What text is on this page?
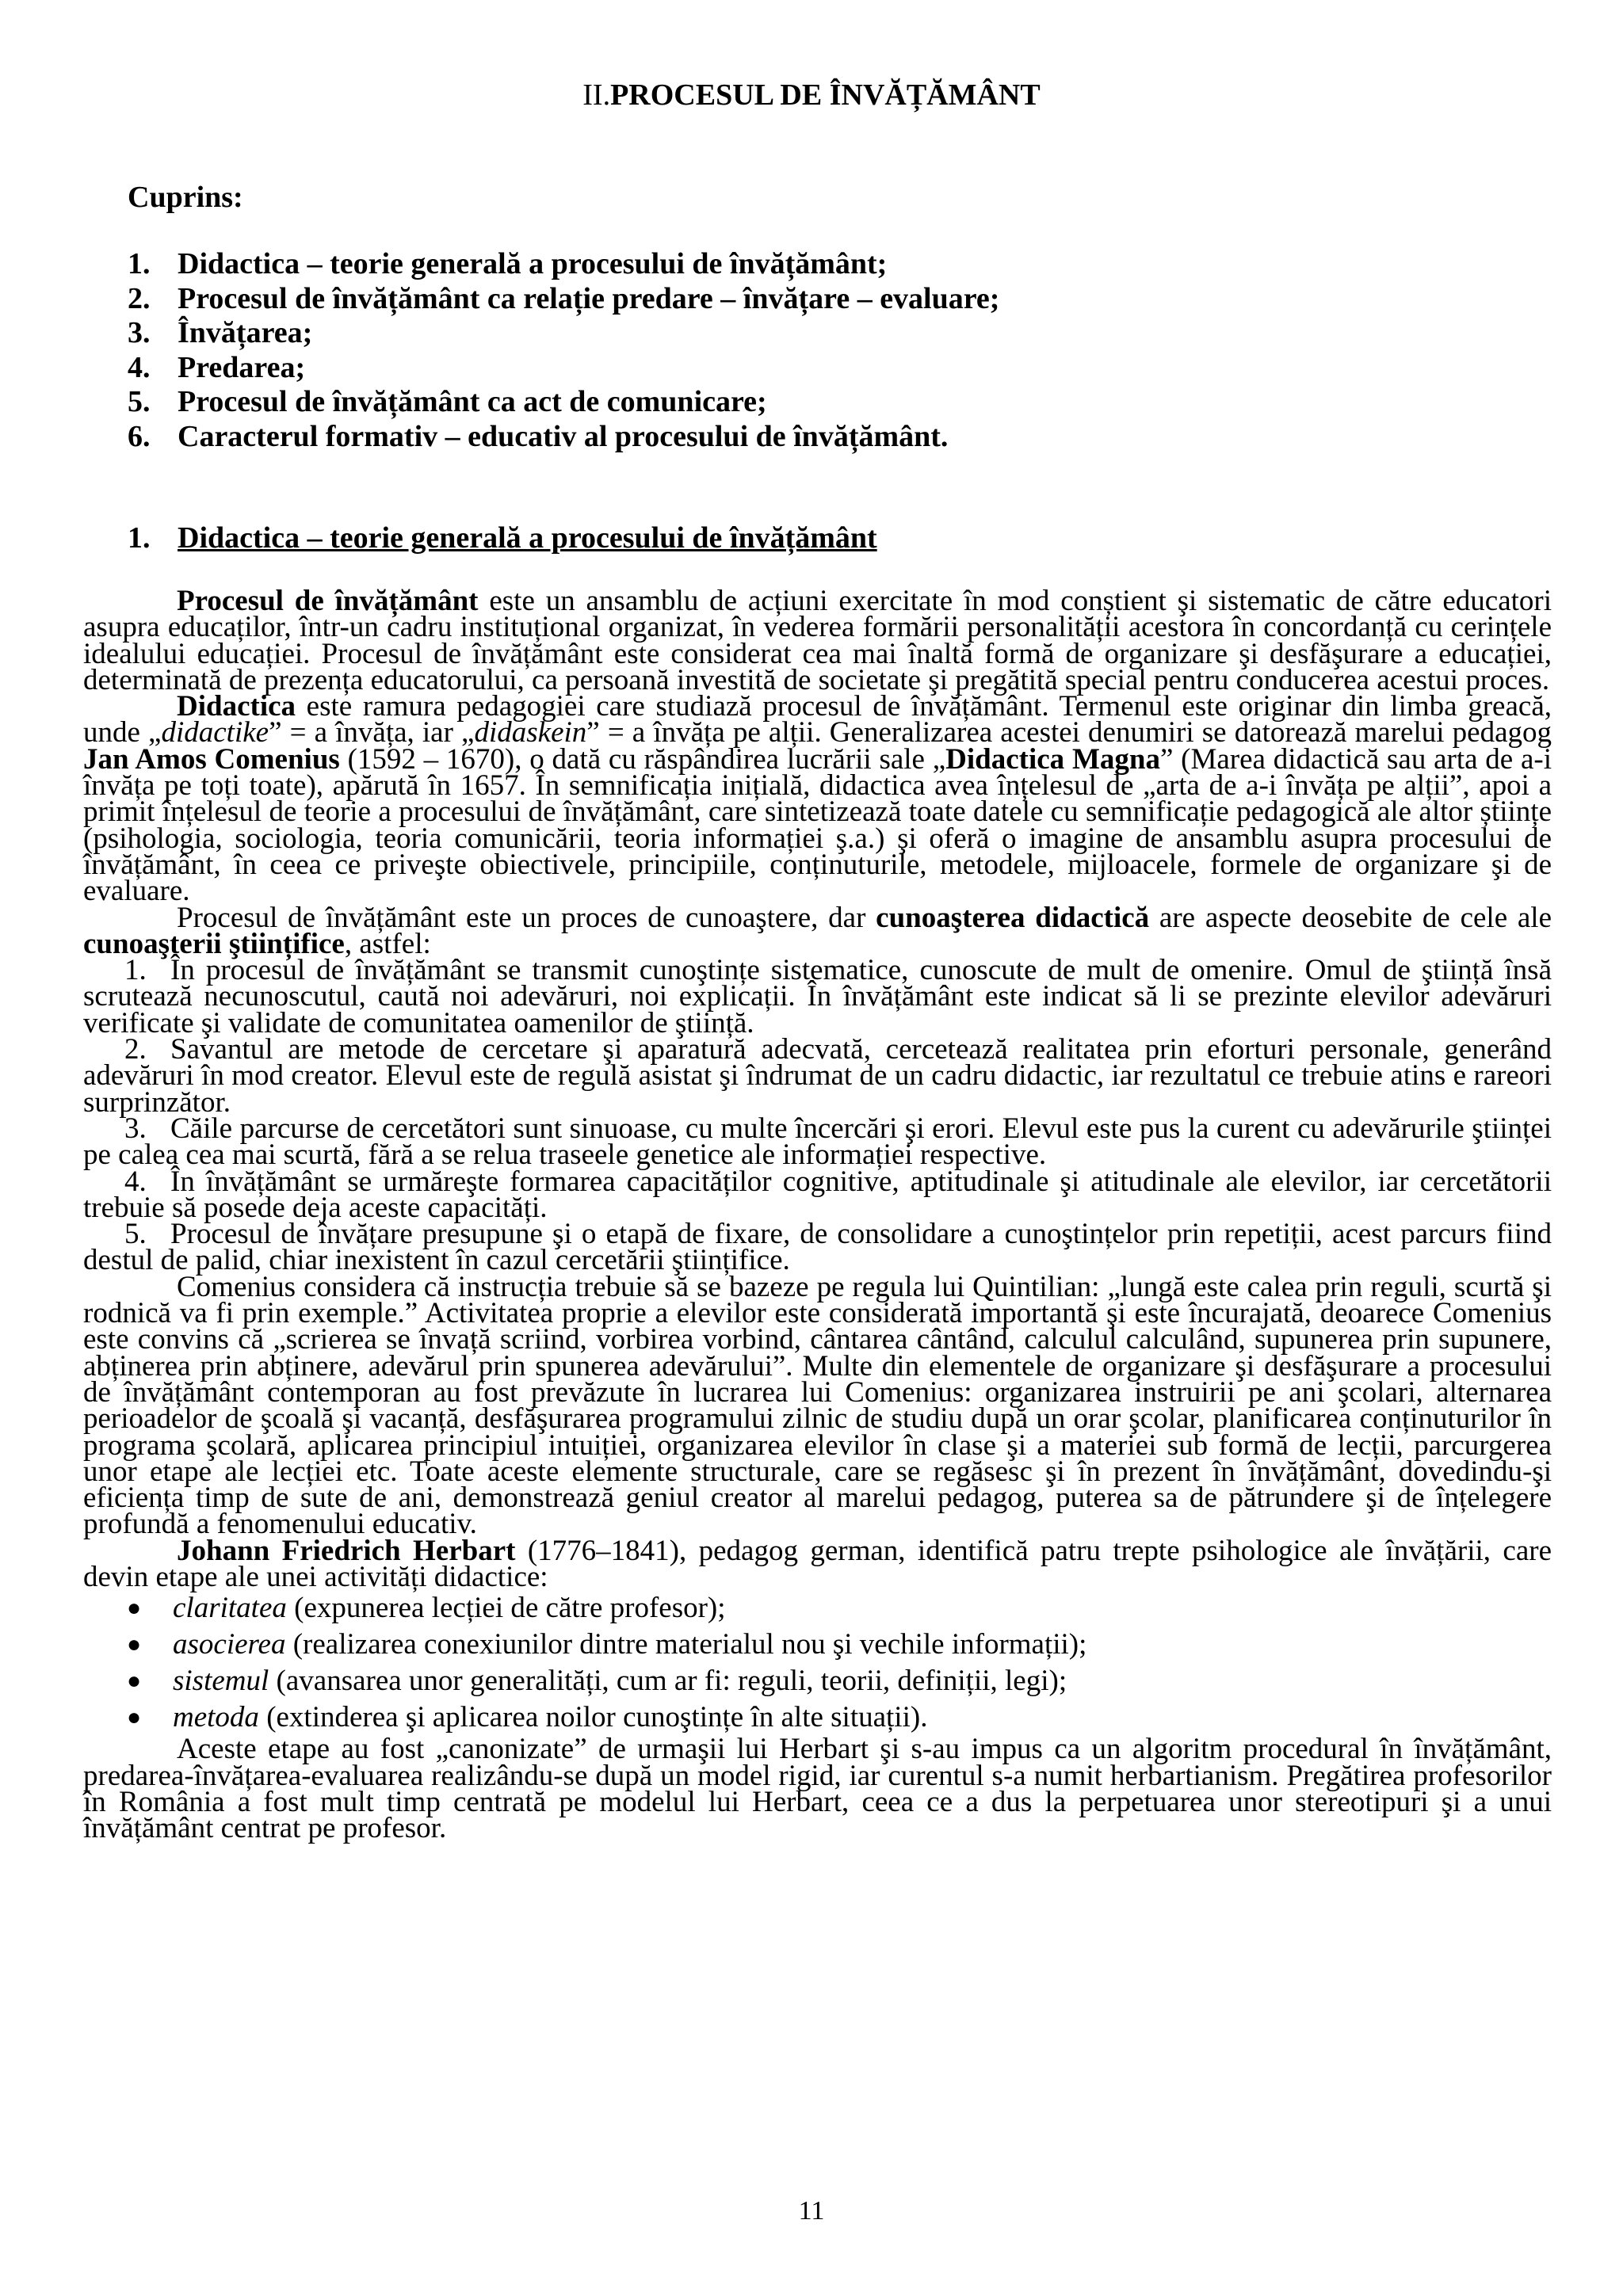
II.PROCESUL DE ÎNVĂȚĂMÂNT
Cuprins:
1. Didactica – teorie generală a procesului de învățământ;
2. Procesul de învățământ ca relație predare – învățare – evaluare;
3. Învățarea;
4. Predarea;
5. Procesul de învățământ ca act de comunicare;
6. Caracterul formativ – educativ al procesului de învățământ.
1. Didactica – teorie generală a procesului de învățământ

Procesul de învățământ este un ansamblu de acțiuni exercitate în mod conștient şi sistematic de către educatori asupra educaților, într-un cadru instituțional organizat, în vederea formării personalității acestora în concordanță cu cerințele idealului educației. Procesul de învățământ este considerat cea mai înaltă formă de organizare şi desfăşurare a educației, determinată de prezența educatorului, ca persoană investită de societate şi pregătită special pentru conducerea acestui proces.

Didactica este ramura pedagogiei care studiază procesul de învățământ. Termenul este originar din limba greacă, unde „didactike” = a învăța, iar „didaskein” = a învăța pe alții. Generalizarea acestei denumiri se datorează marelui pedagog Jan Amos Comenius (1592 – 1670), o dată cu răspândirea lucrării sale „Didactica Magna” (Marea didactică sau arta de a-i învăța pe toți toate), apărută în 1657. În semnificația inițială, didactica avea înțelesul de „arta de a-i învăța pe alții”, apoi a primit înțelesul de teorie a procesului de învățământ, care sintetizează toate datele cu semnificație pedagogică ale altor științe (psihologia, sociologia, teoria comunicării, teoria informației ş.a.) şi oferă o imagine de ansamblu asupra procesului de învățământ, în ceea ce priveşte obiectivele, principiile, conținuturile, metodele, mijloacele, formele de organizare şi de evaluare.

Procesul de învățământ este un proces de cunoaştere, dar cunoaşterea didactică are aspecte deosebite de cele ale cunoaşterii ştiințifice, astfel:

1. În procesul de învățământ se transmit cunoştințe sistematice, cunoscute de mult de omenire. Omul de ştiință însă scrutează necunoscutul, caută noi adevăruri, noi explicații. În învățământ este indicat să li se prezinte elevilor adevăruri verificate şi validate de comunitatea oamenilor de ştiință.

2. Savantul are metode de cercetare şi aparatură adecvată, cercetează realitatea prin eforturi personale, generând adevăruri în mod creator. Elevul este de regulă asistat şi îndrumat de un cadru didactic, iar rezultatul ce trebuie atins e rareori surprinzător.

3. Căile parcurse de cercetători sunt sinuoase, cu multe încercări şi erori. Elevul este pus la curent cu adevărurile ştiinței pe calea cea mai scurtă, fără a se relua traseele genetice ale informației respective.

4. În învățământ se urmăreşte formarea capacităților cognitive, aptitudinale şi atitudinale ale elevilor, iar cercetătorii trebuie să posede deja aceste capacități.

5. Procesul de învățare presupune şi o etapă de fixare, de consolidare a cunoştințelor prin repetiții, acest parcurs fiind destul de palid, chiar inexistent în cazul cercetării ştiințifice.

Comenius considera că instrucția trebuie să se bazeze pe regula lui Quintilian: „lungă este calea prin reguli, scurtă şi rodnică va fi prin exemple.” Activitatea proprie a elevilor este considerată importantă şi este încurajată, deoarece Comenius este convins că „scrierea se învață scriind, vorbirea vorbind, cântarea cântând, calculul calculând, supunerea prin supunere, abținerea prin abținere, adevărul prin spunerea adevărului”. Multe din elementele de organizare şi desfăşurare a procesului de învățământ contemporan au fost prevăzute în lucrarea lui Comenius: organizarea instruirii pe ani şcolari, alternarea perioadelor de şcoală şi vacanță, desfăşurarea programului zilnic de studiu după un orar şcolar, planificarea conținuturilor în programa şcolară, aplicarea principiul intuiției, organizarea elevilor în clase şi a materiei sub formă de lecții, parcurgerea unor etape ale lecției etc. Toate aceste elemente structurale, care se regăsesc şi în prezent în învățământ, dovedindu-şi eficiența timp de sute de ani, demonstrează geniul creator al marelui pedagog, puterea sa de pătrundere şi de înțelegere profundă a fenomenului educativ.

Johann Friedrich Herbart (1776–1841), pedagog german, identifică patru trepte psihologice ale învățării, care devin etape ale unei activități didactice:

●	claritatea (expunerea lecției de către profesor);
●	asocierea (realizarea conexiunilor dintre materialul nou şi vechile informații);
●	sistemul (avansarea unor generalități, cum ar fi: reguli, teorii, definiții, legi);
●	metoda (extinderea şi aplicarea noilor cunoştințe în alte situații).

Aceste etape au fost „canonizate” de urmaşii lui Herbart şi s-au impus ca un algoritm procedural în învățământ, predarea-învățarea-evaluarea realizându-se după un model rigid, iar curentul s-a numit herbartianism. Pregătirea profesorilor în România a fost mult timp centrată pe modelul lui Herbart, ceea ce a dus la perpetuarea unor stereotipuri şi a unui învățământ centrat pe profesor.

11
